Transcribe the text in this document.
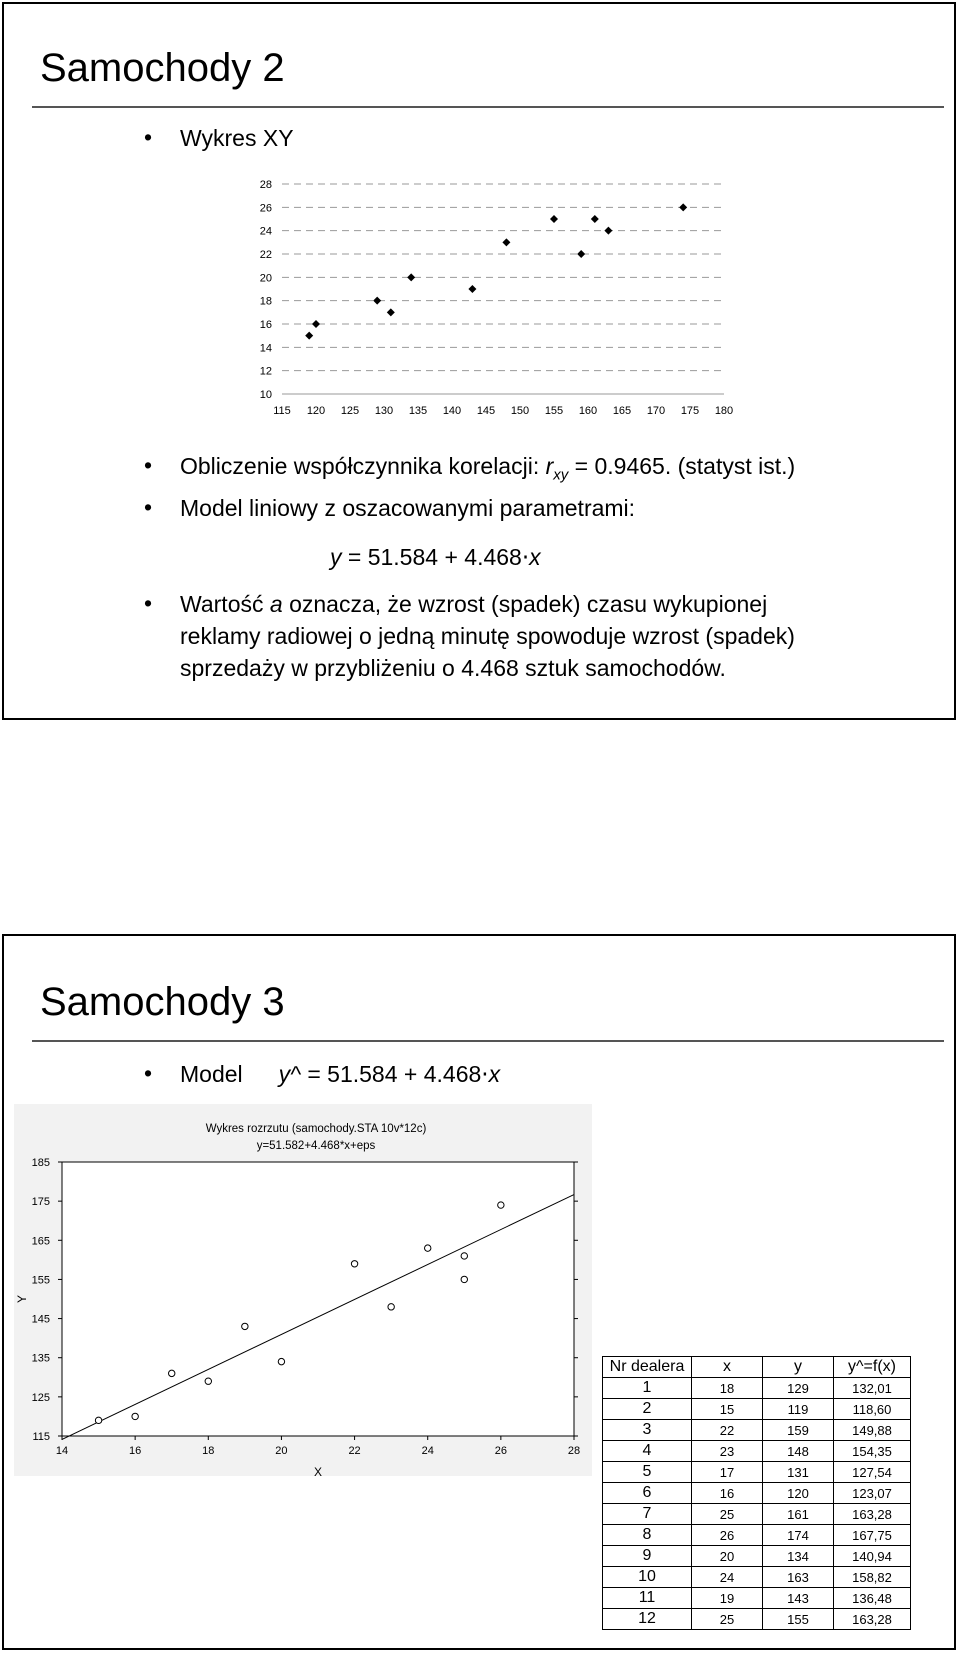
Samochody 2
• Wykres XY
10
12
14
16
18
20
22
24
26
28
115 120 125 130 135 140 145 150 155 160 165 170 175 180
• Obliczenie współczynnika korelacji: $r_{xy} = 0.9465$. (statyst ist.)
• Model liniowy z oszacowanymi parametrami:
y = 51.584 + 4.468⋅x
• Wartość a oznacza, że wzrost (spadek) czasu wykupionej
reklamy radiowej o jedną minutę spowoduje wzrost (spadek)
sprzedaży w przybliżeniu o 4.468 sztuk samochodów.
Samochody 3
• Model y^ = 51.584 + 4.468⋅x
Wykres rozrzutu (samochody.STA 10v*12c)
y=51.582+4.468*x+eps
115
125
135
145
155
165
175
185
14	16	18	20	22	24	26	28
X
Y
Nr dealera	x	y	y^=f(x)
1	18	129	132,01
2	15	119	118,60
3	22	159	149,88
4	23	148	154,35
5	17	131	127,54
6	16	120	123,07
7	25	161	163,28
8	26	174	167,75
9	20	134	140,94
10	24	163	158,82
11	19	143	136,48
12	25	155	163,28
